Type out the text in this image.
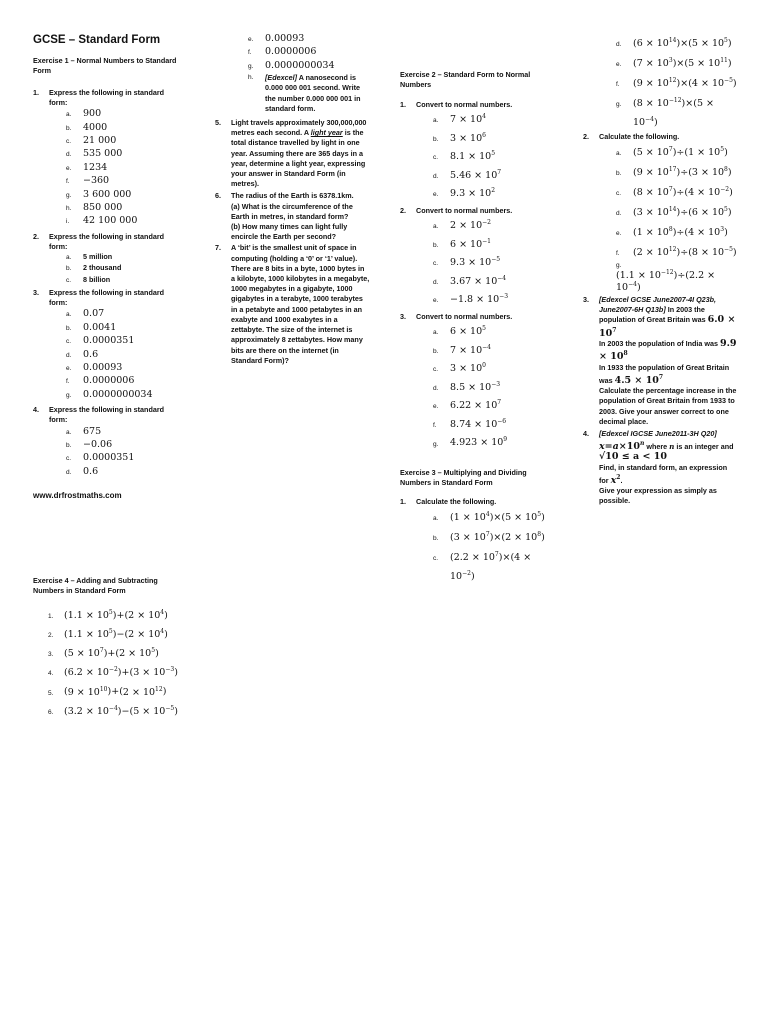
GCSE – Standard Form
Exercise 1 – Normal Numbers to Standard Form
1.	Express the following in standard form:
a.	900
b.	4000
c.	21 000
d.	535 000
e.	1234
f.	−360
g.	3 600 000
h.	850 000
i.	42 100 000
2.	Express the following in standard form:
a.	5 million
b.	2 thousand
c.	8 billion
3.	Express the following in standard form:
a.	0.07
b.	0.0041
c.	0.0000351
d.	0.6
e.	0.00093
f.	0.0000006
g.	0.0000000034
4.	Express the following in standard form:
a.	675
b.	−0.06
c.	0.0000351
d.	0.6
www.drfrostmaths.com
e.	0.00093
f.	0.0000006
g.	0.0000000034
h.	[Edexcel] A nanosecond is 0.000 000 001 second. Write the number 0.000 000 001 in standard form.
5.	Light travels approximately 300,000,000 metres each second. A light year is the total distance travelled by light in one year. Assuming there are 365 days in a year, determine a light year, expressing your answer in Standard Form (in metres).
6.	The radius of the Earth is 6378.1km.
(a) What is the circumference of the Earth in metres, in standard form?
(b) How many times can light fully encircle the Earth per second?
7.	A ‘bit’ is the smallest unit of space in computing (holding a ‘0’ or ‘1’ value). There are 8 bits in a byte, 1000 bytes in a kilobyte, 1000 kilobytes in a megabyte, 1000 megabytes in a gigabyte, 1000 gigabytes in a terabyte, 1000 terabytes in a petabyte and 1000 petabytes in an exabyte and 1000 exabytes in a zettabyte. The size of the internet is approximately 8 zettabytes. How many bits are there on the internet (in Standard Form)?
Exercise 2 – Standard Form to Normal Numbers
1.	Convert to normal numbers.
a.	$7 \times 10^4$
b.	$3 \times 10^6$
c.	$8.1 \times 10^5$
d.	$5.46 \times 10^7$
e.	$9.3 \times 10^2$
2.	Convert to normal numbers.
a.	$2 \times 10^{-2}$
b.	$6 \times 10^{-1}$
c.	$9.3 \times 10^{-5}$
d.	$3.67 \times 10^{-4}$
e.	$-1.8 \times 10^{-3}$
3.	Convert to normal numbers.
a.	$6 \times 10^5$
b.	$7 \times 10^{-4}$
c.	$3 \times 10^0$
d.	$8.5 \times 10^{-3}$
e.	$6.22 \times 10^7$
f.	$8.74 \times 10^{-6}$
g.	$4.923 \times 10^9$
Exercise 3 – Multiplying and Dividing Numbers in Standard Form
1.	Calculate the following.
a.	$(1 \times 10^4)\times(5 \times 10^5)$
b.	$(3 \times 10^7)\times(2 \times 10^8)$
c.	$(2.2 \times 10^7)\times(4 \times 10^{-2})$
d.	$(6 \times 10^{14})\times(5 \times 10^5)$
e.	$(7 \times 10^3)\times(5 \times 10^{11})$
f.	$(9 \times 10^{12})\times(4 \times 10^{-5})$
g.	$(8 \times 10^{-12})\times(5 \times 10^{-4})$
2.	Calculate the following.
a.	$(5 \times 10^7)\div(1 \times 10^5)$
b.	$(9 \times 10^{17})\div(3 \times 10^8)$
c.	$(8 \times 10^7)\div(4 \times 10^{-2})$
d.	$(3 \times 10^{14})\div(6 \times 10^5)$
e.	$(1 \times 10^8)\div(4 \times 10^3)$
f.	$(2 \times 10^{12})\div(8 \times 10^{-5})$
g.
$(1.1 \times 10^{-12})\div(2.2 \times 10^{-4})$
3.	[Edexcel GCSE June2007-4I Q23b, June2007-6H Q13b] In 2003 the population of Great Britain was $6.0 \times 10^7$
In 2003 the population of India was $9.9 \times 10^8$
In 1933 the population of Great Britain was $4.5 \times 10^7$
Calculate the percentage increase in the population of Great Britain from 1933 to 2003. Give your answer correct to one decimal place.
4.	[Edexcel IGCSE June2011-3H Q20]
$x=a\times 10^n$ where n is an integer and √10 ≤ a < 10
Find, in standard form, an expression for $x^2$.
Give your expression as simply as possible.
Exercise 4 – Adding and Subtracting Numbers in Standard Form
1.	$(1.1 \times 10^5)+(2 \times 10^4)$
2.	$(1.1 \times 10^5)-(2 \times 10^4)$
3.	$(5 \times 10^7)+(2 \times 10^5)$
4.	$(6.2 \times 10^{-2})+(3 \times 10^{-3})$
5.	$(9 \times 10^{10})+(2 \times 10^{12})$
6.	$(3.2 \times 10^{-4})-(5 \times 10^{-5})$
